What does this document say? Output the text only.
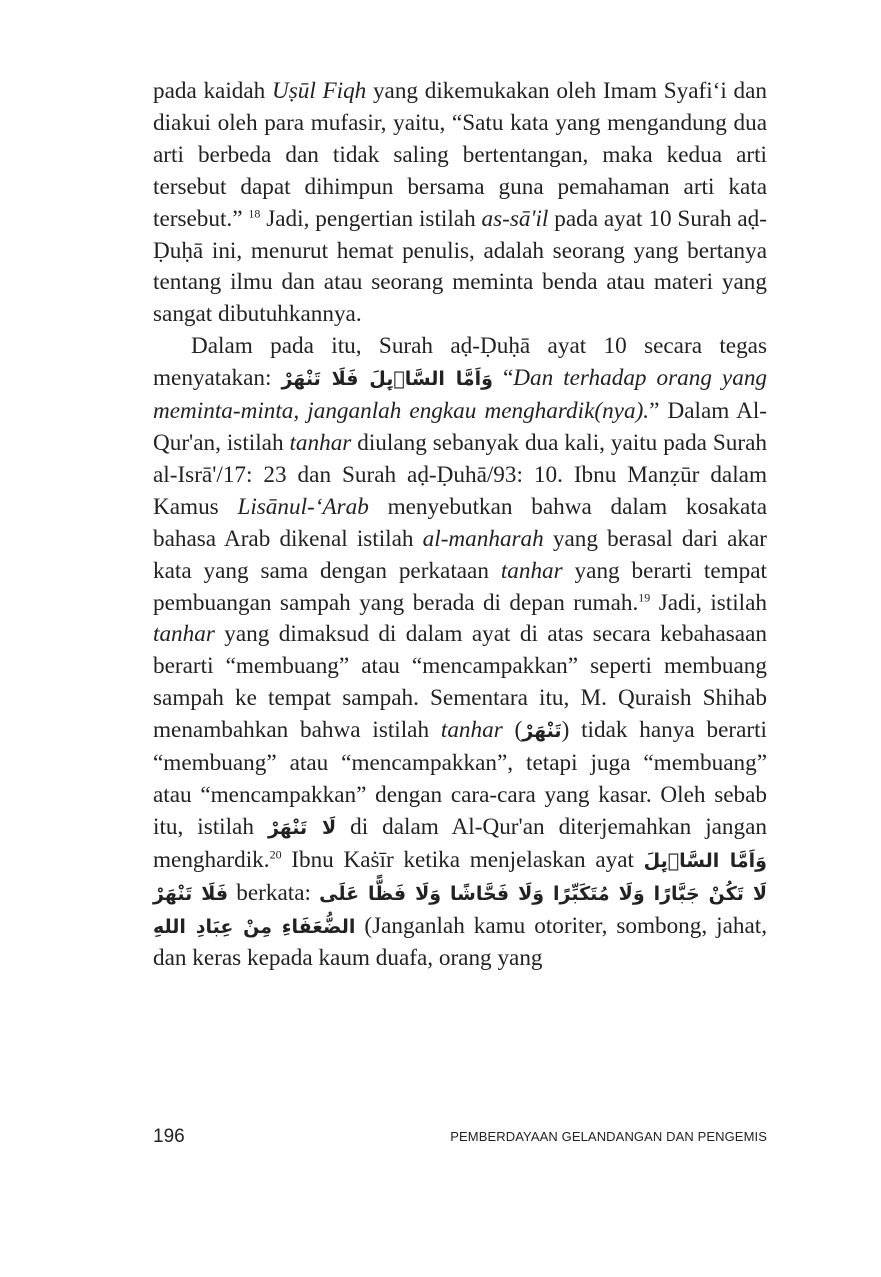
pada kaidah Uṣūl Fiqh yang dikemukakan oleh Imam Syafi‘i dan diakui oleh para mufasir, yaitu, “Satu kata yang mengandung dua arti berbeda dan tidak saling bertentangan, maka kedua arti tersebut dapat dihimpun bersama guna pemahaman arti kata tersebut.” $^{18}$ Jadi, pengertian istilah as-sā'il pada ayat 10 Surah aḍ-Ḍuḥā ini, menurut hemat penulis, adalah seorang yang bertanya tentang ilmu dan atau seorang meminta benda atau materi yang sangat dibutuhkannya.

Dalam pada itu, Surah aḍ-Ḍuḥā ayat 10 secara tegas menyatakan: وَاَمَّا السَّاۤىِٕلَ فَلَا تَنْهَرْ “Dan terhadap orang yang meminta-minta, janganlah engkau menghardik(nya).” Dalam Al-Qur'an, istilah tanhar diulang sebanyak dua kali, yaitu pada Surah al-Isrā'/17: 23 dan Surah aḍ-Ḍuhā/93: 10. Ibnu Manẓūr dalam Kamus Lisānul-‘Arab menyebutkan bahwa dalam kosakata bahasa Arab dikenal istilah al-manharah yang berasal dari akar kata yang sama dengan perkataan tanhar yang berarti tempat pembuangan sampah yang berada di depan rumah.$^{19}$ Jadi, istilah tanhar yang dimaksud di dalam ayat di atas secara kebahasaan berarti “membuang” atau “mencampakkan” seperti membuang sampah ke tempat sampah. Sementara itu, M. Quraish Shihab menambahkan bahwa istilah tanhar (تَنْهَرْ) tidak hanya berarti “membuang” atau “mencampakkan”, tetapi juga “membuang” atau “mencampakkan” dengan cara-cara yang kasar. Oleh sebab itu, istilah لَا تَنْهَرْ di dalam Al-Qur'an diterjemahkan jangan menghardik.$^{20}$ Ibnu Kaṡīr ketika menjelaskan ayat وَاَمَّا السَّاۤىِٕلَ فَلَا تَنْهَرْ berkata: لَا تَكُنْ جَبَّارًا وَلَا مُتَكَبِّرًا وَلَا فَحَّاشًا وَلَا فَظًّا عَلَى الضُّعَفَاءِ مِنْ عِبَادِ اللهِ (Janganlah kamu otoriter, sombong, jahat, dan keras kepada kaum duafa, orang yang

196	PEMBERDAYAAN GELANDANGAN DAN PENGEMIS
